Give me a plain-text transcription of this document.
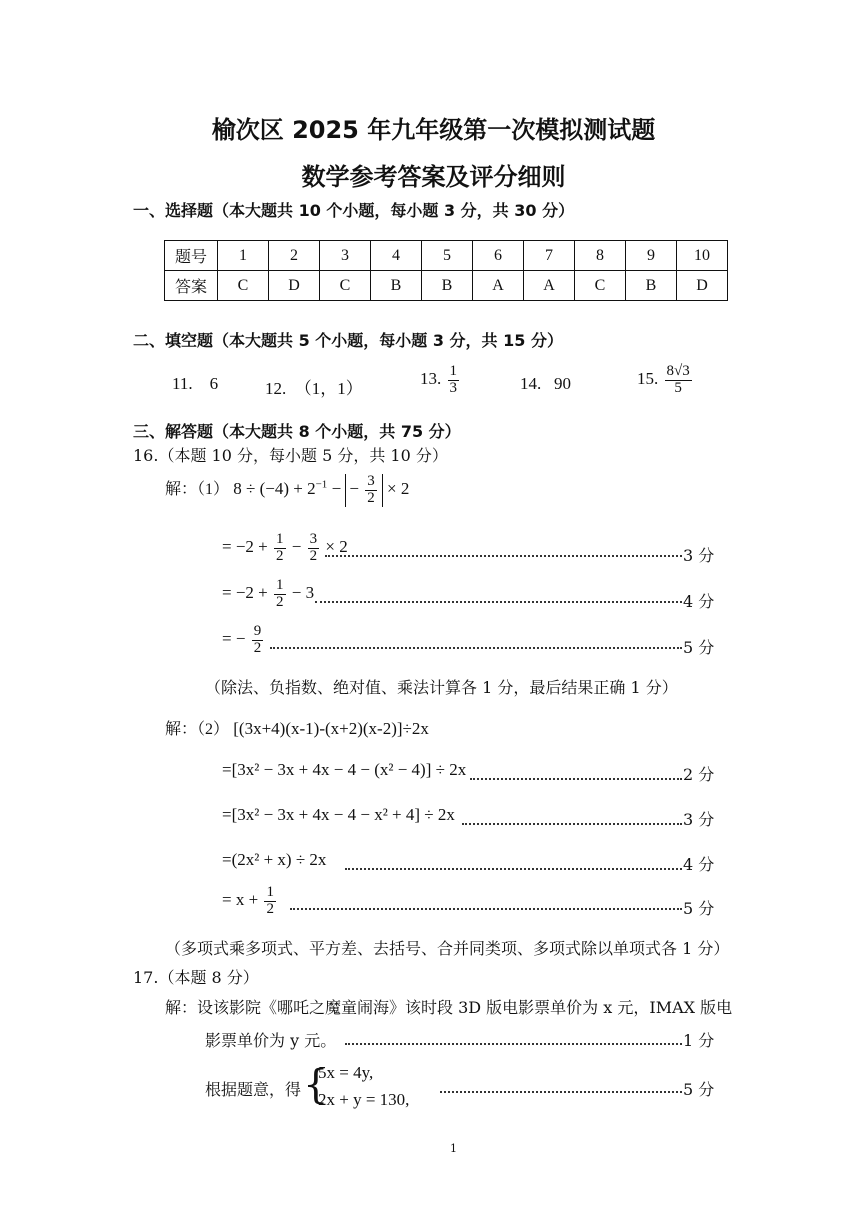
榆次区 2025 年九年级第一次模拟测试题
数学参考答案及评分细则
一、选择题（本大题共 10 个小题，每小题 3 分，共 30 分）
题号	1	2	3	4	5	6	7	8	9	10
答案	C	D	C	B	B	A	A	C	B	D
二、填空题（本大题共 5 个小题，每小题 3 分，共 15 分）
11. 6	12. （1，1）
13. $\frac{1}{3}$	14. 90	15. $\frac{8√3}{5}$
三、解答题（本大题共 8 个小题，共 75 分）
16.（本题 10 分，每小题 5 分，共 10 分）
解：（1） $8 \div (-4) + 2^{-1}$ − − $\frac{3}{2} \times 2$
= $-2 + \frac{1}{2} - \frac{3}{2} \times 2$	3 分
= $-2 + \frac{1}{2} - 3$	4 分
= − $\frac{9}{2}$	5 分
（除法、负指数、绝对值、乘法计算各 1 分，最后结果正确 1 分）
解：（2） [(3x+4)(x-1)-(x+2)(x-2)]÷2x
=[3x² − 3x + 4x − 4 − (x² − 4)] ÷ 2x	2 分
=[3x² − 3x + 4x − 4 − x² + 4] ÷ 2x	3 分
=(2x² + x) ÷ 2x	4 分
= $x + \frac{1}{2}$	5 分
（多项式乘多项式、平方差、去括号、合并同类项、多项式除以单项式各 1 分）
17.（本题 8 分）
解：设该影院《哪吒之魔童闹海》该时段 3D 版电影票单价为 x 元，IMAX 版电
影票单价为 y 元。	1 分
根据题意，得 {
5x = 4y,
2x + y = 130,
5 分
1
